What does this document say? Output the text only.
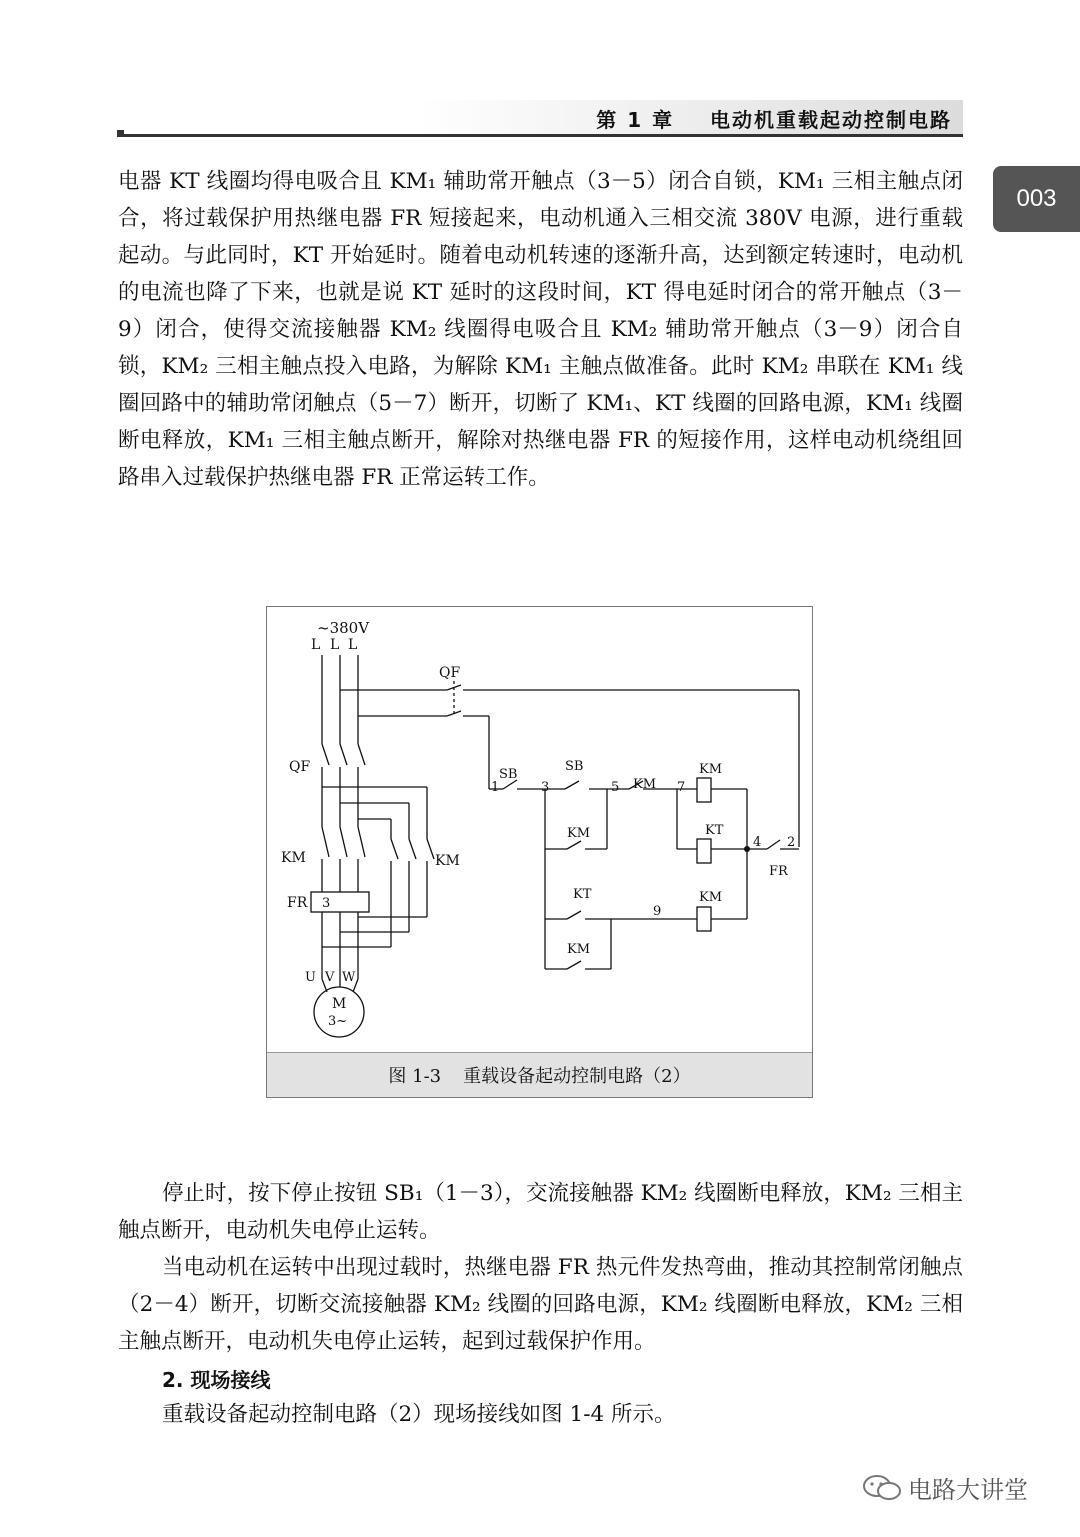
第 1 章 电动机重载起动控制电路
003

电器 KT 线圈均得电吸合且 KM₁ 辅助常开触点（3－5）闭合自锁，KM₁ 三相主触点闭合，将过载保护用热继电器 FR 短接起来，电动机通入三相交流 380V 电源，进行重载起动。与此同时，KT 开始延时。随着电动机转速的逐渐升高，达到额定转速时，电动机的电流也降了下来，也就是说 KT 延时的这段时间，KT 得电延时闭合的常开触点（3－9）闭合，使得交流接触器 KM₂ 线圈得电吸合且 KM₂ 辅助常开触点（3－9）闭合自锁，KM₂ 三相主触点投入电路，为解除 KM₁ 主触点做准备。此时 KM₂ 串联在 KM₁ 线圈回路中的辅助常闭触点（5－7）断开，切断了 KM₁、KT 线圈的回路电源，KM₁ 线圈断电释放，KM₁ 三相主触点断开，解除对热继电器 FR 的短接作用，这样电动机绕组回路串入过载保护热继电器 FR 正常运转工作。

~380V
L L L
QF
QF
KM	KM
FR 3
U V W
M
3~
SB
SB
1	3	5	7
9
4 2
KM
KM
KT
KM
KT	KM
KM
FR
图 1-3 重载设备起动控制电路（2）

停止时，按下停止按钮 SB₁（1－3），交流接触器 KM₂ 线圈断电释放，KM₂ 三相主触点断开，电动机失电停止运转。

当电动机在运转中出现过载时，热继电器 FR 热元件发热弯曲，推动其控制常闭触点（2－4）断开，切断交流接触器 KM₂ 线圈的回路电源，KM₂ 线圈断电释放，KM₂ 三相主触点断开，电动机失电停止运转，起到过载保护作用。

2. 现场接线

重载设备起动控制电路（2）现场接线如图 1-4 所示。

电路大讲堂
